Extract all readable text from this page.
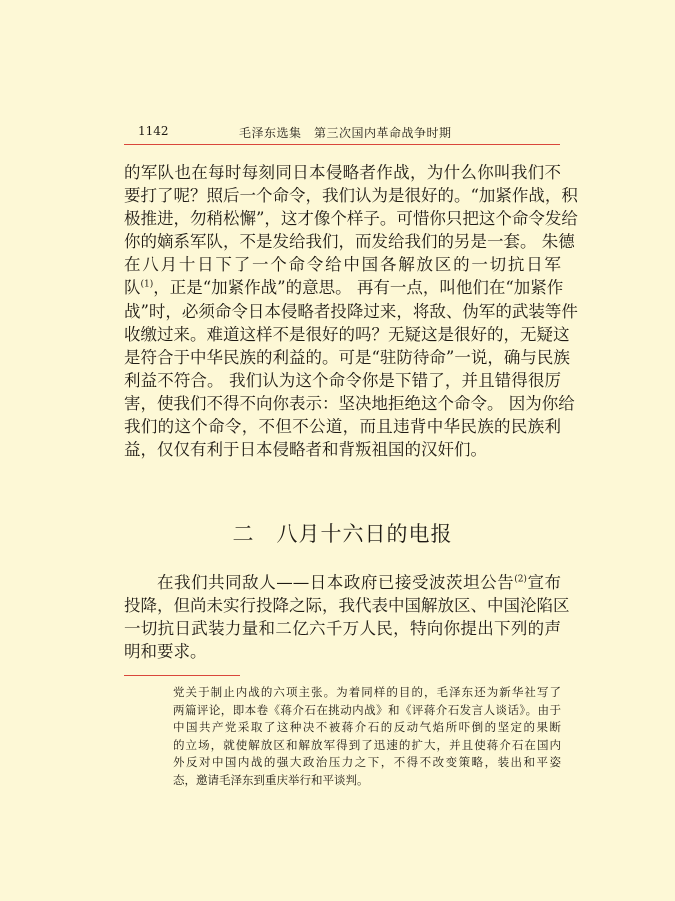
1142	毛泽东选集　第三次国内革命战争时期
的军队也在每时每刻同日本侵略者作战，为什么你叫我们不
要打了呢？照后一个命令，我们认为是很好的。“加紧作战，积
极推进，勿稍松懈”，这才像个样子。可惜你只把这个命令发给
你的嫡系军队，不是发给我们，而发给我们的另是一套。 朱德
在八月十日下了一个命令给中国各解放区的一切抗日军
队$^{(1)}$，正是“加紧作战”的意思。 再有一点，叫他们在“加紧作
战”时，必须命令日本侵略者投降过来，将敌、伪军的武装等件
收缴过来。难道这样不是很好的吗？无疑这是很好的，无疑这
是符合于中华民族的利益的。可是“驻防待命”一说，确与民族
利益不符合。 我们认为这个命令你是下错了，并且错得很厉
害，使我们不得不向你表示：坚决地拒绝这个命令。 因为你给
我们的这个命令，不但不公道，而且违背中华民族的民族利
益，仅仅有利于日本侵略者和背叛祖国的汉奸们。
二　八月十六日的电报
在我们共同敌人——日本政府已接受波茨坦公告$^{(2)}$宣布
投降，但尚未实行投降之际，我代表中国解放区、中国沦陷区
一切抗日武装力量和二亿六千万人民，特向你提出下列的声
明和要求。
党关于制止内战的六项主张。为着同样的目的，毛泽东还为新华社写了
两篇评论，即本卷《蒋介石在挑动内战》和《评蒋介石发言人谈话》。由于
中国共产党采取了这种决不被蒋介石的反动气焰所吓倒的坚定的果断
的立场，就使解放区和解放军得到了迅速的扩大，并且使蒋介石在国内
外反对中国内战的强大政治压力之下，不得不改变策略，装出和平姿
态，邀请毛泽东到重庆举行和平谈判。
